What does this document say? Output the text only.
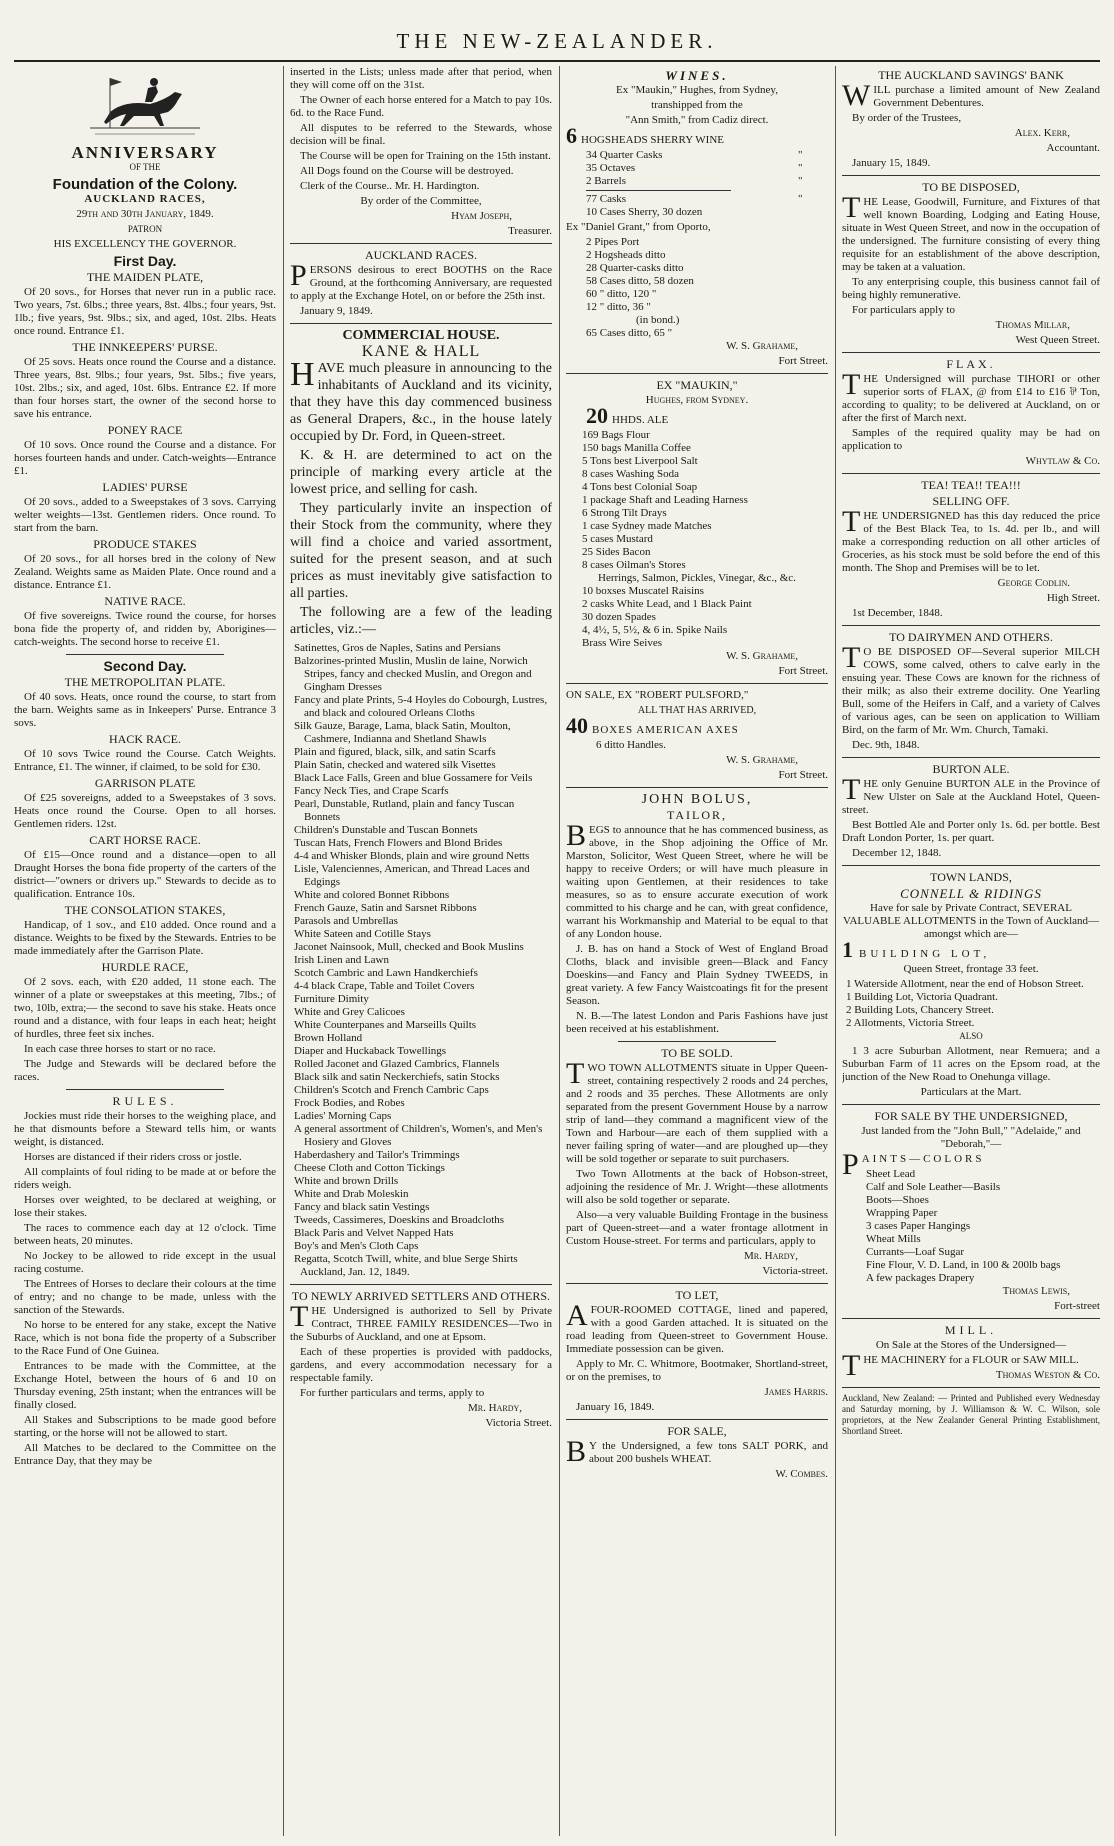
THE NEW-ZEALANDER.
ANNIVERSARY

OF THE

Foundation of the Colony.

AUCKLAND RACES,

29th and 30th January, 1849.

PATRON

HIS EXCELLENCY THE GOVERNOR.

First Day.
THE MAIDEN PLATE,

Of 20 sovs., for Horses that never run in a public race. Two years, 7st. 6lbs.; three years, 8st. 4lbs.; four years, 9st. 1lb.; five years, 9st. 9lbs.; six, and aged, 10st. 2lbs. Heats once round. Entrance £1.

THE INNKEEPERS' PURSE.

Of 25 sovs. Heats once round the Course and a distance. Three years, 8st. 9lbs.; four years, 9st. 5lbs.; five years, 10st. 2lbs.; six, and aged, 10st. 6lbs. Entrance £2. If more than four horses start, the owner of the second horse to save his entrance.

PONEY RACE

Of 10 sovs. Once round the Course and a distance. For horses fourteen hands and under. Catch-weights—Entrance £1.

LADIES' PURSE

Of 20 sovs., added to a Sweepstakes of 3 sovs. Carrying welter weights—13st. Gentlemen riders. Once round. To start from the barn.

PRODUCE STAKES

Of 20 sovs., for all horses bred in the colony of New Zealand. Weights same as Maiden Plate. Once round and a distance. Entrance £1.

NATIVE RACE.

Of five sovereigns. Twice round the course, for horses bona fide the property of, and ridden by, Aborigines—catch-weights. The second horse to receive £1.

Second Day.
THE METROPOLITAN PLATE.

Of 40 sovs. Heats, once round the course, to start from the barn. Weights same as in Inkeepers' Purse. Entrance 3 sovs.

HACK RACE.

Of 10 sovs Twice round the Course. Catch Weights. Entrance, £1. The winner, if claimed, to be sold for £30.

GARRISON PLATE

Of £25 sovereigns, added to a Sweepstakes of 3 sovs. Heats once round the Course. Open to all horses. Gentlemen riders. 12st.

CART HORSE RACE.

Of £15—Once round and a distance—open to all Draught Horses the bona fide property of the carters of the district—"owners or drivers up." Stewards to decide as to qualification. Entrance 10s.

THE CONSOLATION STAKES,

Handicap, of 1 sov., and £10 added. Once round and a distance. Weights to be fixed by the Stewards. Entries to be made immediately after the Garrison Plate.

HURDLE RACE,

Of 2 sovs. each, with £20 added, 11 stone each. The winner of a plate or sweepstakes at this meeting, 7lbs.; of two, 10lb, extra;— the second to save his stake. Heats once round and a distance, with four leaps in each heat; height of hurdles, three feet six inches.

In each case three horses to start or no race.

The Judge and Stewards will be declared before the races.

RULES.

Jockies must ride their horses to the weighing place, and he that dismounts before a Steward tells him, or wants weight, is distanced.

Horses are distanced if their riders cross or jostle.

All complaints of foul riding to be made at or before the riders weigh.

Horses over weighted, to be declared at weighing, or lose their stakes.

The races to commence each day at 12 o'clock. Time between heats, 20 minutes.

No Jockey to be allowed to ride except in the usual racing costume.

The Entrees of Horses to declare their colours at the time of entry; and no change to be made, unless with the sanction of the Stewards.

No horse to be entered for any stake, except the Native Race, which is not bona fide the property of a Subscriber to the Race Fund of One Guinea.

Entrances to be made with the Committee, at the Exchange Hotel, between the hours of 6 and 10 on Thursday evening, 25th instant; when the entrances will be finally closed.

All Stakes and Subscriptions to be made good before starting, or the horse will not be allowed to start.

All Matches to be declared to the Committee on the Entrance Day, that they may be

inserted in the Lists; unless made after that period, when they will come off on the 31st.

The Owner of each horse entered for a Match to pay 10s. 6d. to the Race Fund.

All disputes to be referred to the Stewards, whose decision will be final.

The Course will be open for Training on the 15th instant.

All Dogs found on the Course will be destroyed.

Clerk of the Course.. Mr. H. Hardington.

By order of the Committee,

Hyam Joseph,

Treasurer.

AUCKLAND RACES.

PERSONS desirous to erect BOOTHS on the Race Ground, at the forthcoming Anniversary, are requested to apply at the Exchange Hotel, on or before the 25th inst.

January 9, 1849.

COMMERCIAL HOUSE.
KANE & HALL

HAVE much pleasure in announcing to the inhabitants of Auckland and its vicinity, that they have this day commenced business as General Drapers, &c., in the house lately occupied by Dr. Ford, in Queen-street.

K. & H. are determined to act on the principle of marking every article at the lowest price, and selling for cash.

They particularly invite an inspection of their Stock from the community, where they will find a choice and varied assortment, suited for the present season, and at such prices as must inevitably give satisfaction to all parties.

The following are a few of the leading articles, viz.:—

Satinettes, Gros de Naples, Satins and Persians
Balzorines-printed Muslin, Muslin de laine, Norwich Stripes, fancy and checked Muslin, and Oregon and Gingham Dresses
Fancy and plate Prints, 5-4 Hoyles do Cobourgh, Lustres, and black and coloured Orleans Cloths
Silk Gauze, Barage, Lama, black Satin, Moulton, Cashmere, Indianna and Shetland Shawls
Plain and figured, black, silk, and satin Scarfs
Plain Satin, checked and watered silk Visettes
Black Lace Falls, Green and blue Gossamere for Veils
Fancy Neck Ties, and Crape Scarfs
Pearl, Dunstable, Rutland, plain and fancy Tuscan Bonnets
Children's Dunstable and Tuscan Bonnets
Tuscan Hats, French Flowers and Blond Brides
4-4 and Whisker Blonds, plain and wire ground Netts
Lisle, Valenciennes, American, and Thread Laces and Edgings
White and colored Bonnet Ribbons
French Gauze, Satin and Sarsnet Ribbons
Parasols and Umbrellas
White Sateen and Cotille Stays
Jaconet Nainsook, Mull, checked and Book Muslins
Irish Linen and Lawn
Scotch Cambric and Lawn Handkerchiefs
4-4 black Crape, Table and Toilet Covers
Furniture Dimity
White and Grey Calicoes
White Counterpanes and Marseills Quilts
Brown Holland
Diaper and Huckaback Towellings
Rolled Jaconet and Glazed Cambrics, Flannels
Black silk and satin Neckerchiefs, satin Stocks
Children's Scotch and French Cambric Caps
Frock Bodies, and Robes
Ladies' Morning Caps
A general assortment of Children's, Women's, and Men's Hosiery and Gloves
Haberdashery and Tailor's Trimmings
Cheese Cloth and Cotton Tickings
White and brown Drills
White and Drab Moleskin
Fancy and black satin Vestings
Tweeds, Cassimeres, Doeskins and Broadcloths
Black Paris and Velvet Napped Hats
Boy's and Men's Cloth Caps
Regatta, Scotch Twill, white, and blue Serge Shirts

Auckland, Jan. 12, 1849.

TO NEWLY ARRIVED SETTLERS AND OTHERS.

THE Undersigned is authorized to Sell by Private Contract, THREE FAMILY RESIDENCES—Two in the Suburbs of Auckland, and one at Epsom.

Each of these properties is provided with paddocks, gardens, and every accommodation necessary for a respectable family.

For further particulars and terms, apply to

Mr. Hardy,

Victoria Street.

WINES.

Ex "Maukin," Hughes, from Sydney,

transhipped from the

"Ann Smith," from Cadiz direct.

6 HOGSHEADS SHERRY WINE

34 Quarter Casks	"
35 Octaves	"
2 Barrels	"
77 Casks	"

10 Cases Sherry, 30 dozen

Ex "Daniel Grant," from Oporto,

2 Pipes Port
2 Hogsheads ditto
28 Quarter-casks ditto
58 Cases ditto, 58 dozen
60 " ditto, 120 "
12 " ditto, 36 "
(in bond.)
65 Cases ditto, 65 "

W. S. Grahame,

Fort Street.

EX "MAUKIN,"

Hughes, from Sydney.

20 HHDS. ALE

169 Bags Flour
150 bags Manilla Coffee
5 Tons best Liverpool Salt
8 cases Washing Soda
4 Tons best Colonial Soap
1 package Shaft and Leading Harness
6 Strong Tilt Drays
1 case Sydney made Matches
5 cases Mustard
25 Sides Bacon
8 cases Oilman's Stores
Herrings, Salmon, Pickles, Vinegar, &c., &c.
10 boxses Muscatel Raisins
2 casks White Lead, and 1 Black Paint
30 dozen Spades
4, 4½, 5, 5½, & 6 in. Spike Nails
Brass Wire Seives

W. S. Grahame,

Fort Street.

ON SALE, EX "ROBERT PULSFORD,"

ALL THAT HAS ARRIVED,

40 BOXES AMERICAN AXES

6 ditto Handles.

W. S. Grahame,

Fort Street.

JOHN BOLUS,
TAILOR,

BEGS to announce that he has commenced business, as above, in the Shop adjoining the Office of Mr. Marston, Solicitor, West Queen Street, where he will be happy to receive Orders; or will have much pleasure in waiting upon Gentlemen, at their residences to take measures, so as to ensure accurate execution of work committed to his charge and he can, with great confidence, warrant his Workmanship and Material to be equal to that of any London house.

J. B. has on hand a Stock of West of England Broad Cloths, black and invisible green—Black and Fancy Doeskins—and Fancy and Plain Sydney TWEEDS, in great variety. A few Fancy Waistcoatings fit for the present Season.

N. B.—The latest London and Paris Fashions have just been received at his establishment.

TO BE SOLD.

TWO TOWN ALLOTMENTS situate in Upper Queen-street, containing respectively 2 roods and 24 perches, and 2 roods and 35 perches. These Allotments are only separated from the present Government House by a narrow strip of land—they command a magnificent view of the Town and Harbour—are each of them supplied with a never failing spring of water—and are ploughed up—they will be sold together or separate to suit purchasers.

Two Town Allotments at the back of Hobson-street, adjoining the residence of Mr. J. Wright—these allotments will also be sold together or separate.

Also—a very valuable Building Frontage in the business part of Queen-street—and a water frontage allotment in Custom House-street. For terms and particulars, apply to

Mr. Hardy,

Victoria-street.

TO LET,

AFOUR-ROOMED COTTAGE, lined and papered, with a good Garden attached. It is situated on the road leading from Queen-street to Government House. Immediate possession can be given.

Apply to Mr. C. Whitmore, Bootmaker, Shortland-street, or on the premises, to

James Harris.

January 16, 1849.

FOR SALE,

B Y the Undersigned, a few tons SALT PORK, and about 200 bushels WHEAT.

W. Combes.

THE AUCKLAND SAVINGS' BANK

WILL purchase a limited amount of New Zealand Government Debentures.

By order of the Trustees,

Alex. Kerr,

Accountant.

January 15, 1849.

TO BE DISPOSED,

THE Lease, Goodwill, Furniture, and Fixtures of that well known Boarding, Lodging and Eating House, situate in West Queen Street, and now in the occupation of the undersigned. The furniture consisting of every thing requisite for an establishment of the above description, may be taken at a valuation.

To any enterprising couple, this business cannot fail of being highly remunerative.

For particulars apply to

Thomas Millar,

West Queen Street.

FLAX.

THE Undersigned will purchase TIHORI or other superior sorts of FLAX, @ from £14 to £16 ⅌ Ton, according to quality; to be delivered at Auckland, on or after the first of March next.

Samples of the required quality may be had on application to

Whytlaw & Co.

TEA! TEA!! TEA!!!
SELLING OFF.

THE UNDERSIGNED has this day reduced the price of the Best Black Tea, to 1s. 4d. per lb., and will make a corresponding reduction on all other articles of Groceries, as his stock must be sold before the end of this month. The Shop and Premises will be to let.

George Codlin.

High Street.

1st December, 1848.

TO DAIRYMEN AND OTHERS.

T O BE DISPOSED OF—Several superior MILCH COWS, some calved, others to calve early in the ensuing year. These Cows are known for the richness of their milk; as also their extreme docility. One Yearling Bull, some of the Heifers in Calf, and a variety of Calves of various ages, can be seen on application to William Bird, on the farm of Mr. Wm. Church, Tamaki.

Dec. 9th, 1848.

BURTON ALE.

THE only Genuine BURTON ALE in the Province of New Ulster on Sale at the Auckland Hotel, Queen-street.

Best Bottled Ale and Porter only 1s. 6d. per bottle. Best Draft London Porter, 1s. per quart.

December 12, 1848.

TOWN LANDS,
CONNELL & RIDINGS

Have for sale by Private Contract, SEVERAL VALUABLE ALLOTMENTS in the Town of Auckland—amongst which are—

1 BUILDING LOT,

Queen Street, frontage 33 feet.

1 Waterside Allotment, near the end of Hobson Street.
1 Building Lot, Victoria Quadrant.
2 Building Lots, Chancery Street.
2 Allotments, Victoria Street.

ALSO

1 3 acre Suburban Allotment, near Remuera; and a Suburban Farm of 11 acres on the Epsom road, at the junction of the New Road to Onehunga village.

Particulars at the Mart.

FOR SALE BY THE UNDERSIGNED,

Just landed from the "John Bull," "Adelaide," and "Deborah,"—

PAINTS—COLORS

Sheet Lead
Calf and Sole Leather—Basils
Boots—Shoes
Wrapping Paper
3 cases Paper Hangings
Wheat Mills
Currants—Loaf Sugar
Fine Flour, V. D. Land, in 100 & 200lb bags
A few packages Drapery

Thomas Lewis,

Fort-street

MILL.

On Sale at the Stores of the Undersigned—

THE MACHINERY for a FLOUR or SAW MILL.

Thomas Weston & Co.

Auckland, New Zealand: — Printed and Published every Wednesday and Saturday morning, by J. Williamson & W. C. Wilson, sole proprietors, at the New Zealander General Printing Establishment, Shortland Street.
